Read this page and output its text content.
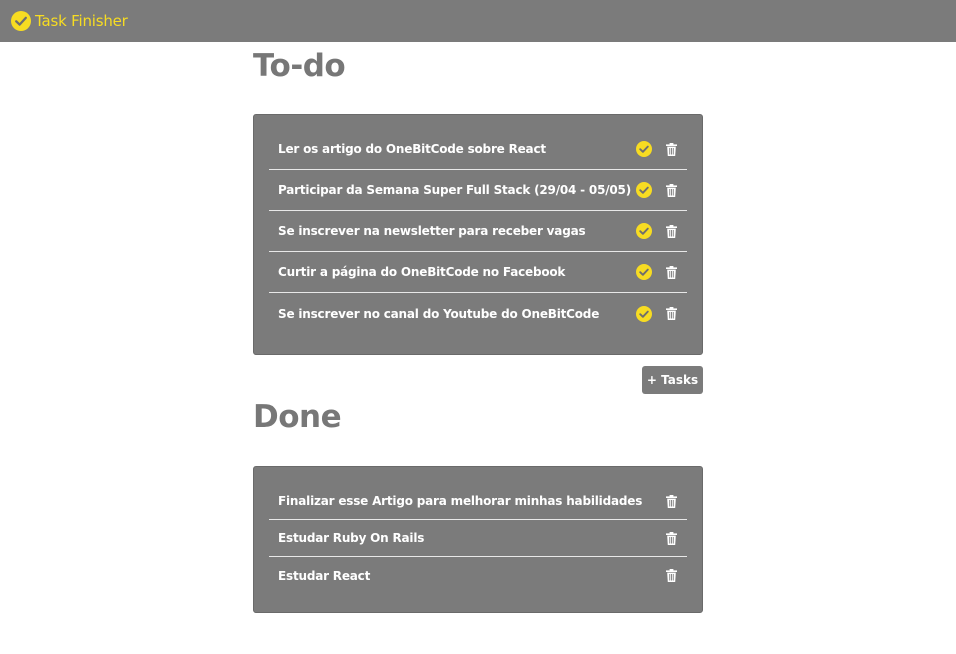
Task Finisher
To-do
Ler os artigo do OneBitCode sobre React
Participar da Semana Super Full Stack (29/04 - 05/05)
Se inscrever na newsletter para receber vagas
Curtir a página do OneBitCode no Facebook
Se inscrever no canal do Youtube do OneBitCode
+ Tasks
Done
Finalizar esse Artigo para melhorar minhas habilidades
Estudar Ruby On Rails
Estudar React
